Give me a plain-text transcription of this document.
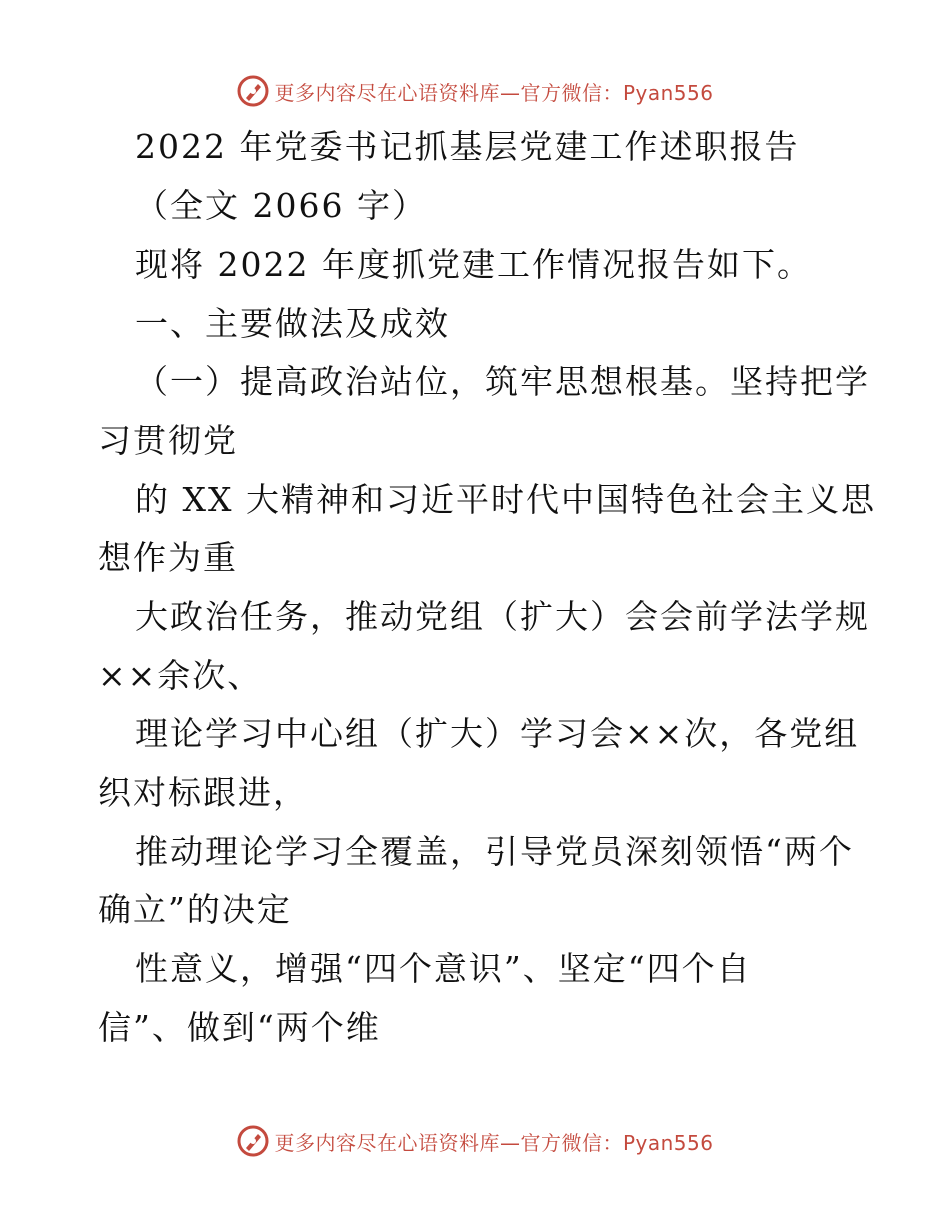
更多内容尽在心语资料库—官方微信：Pyan556
2022 年党委书记抓基层党建工作述职报告
（全文 2066 字）
现将 2022 年度抓党建工作情况报告如下。
一、主要做法及成效
（一）提高政治站位，筑牢思想根基。坚持把学
习贯彻党
的 XX 大精神和习近平时代中国特色社会主义思
想作为重
大政治任务，推动党组（扩大）会会前学法学规
××余次、
理论学习中心组（扩大）学习会××次，各党组
织对标跟进，
推动理论学习全覆盖，引导党员深刻领悟“两个
确立”的决定
性意义，增强“四个意识”、坚定“四个自
信”、做到“两个维
更多内容尽在心语资料库—官方微信：Pyan556
